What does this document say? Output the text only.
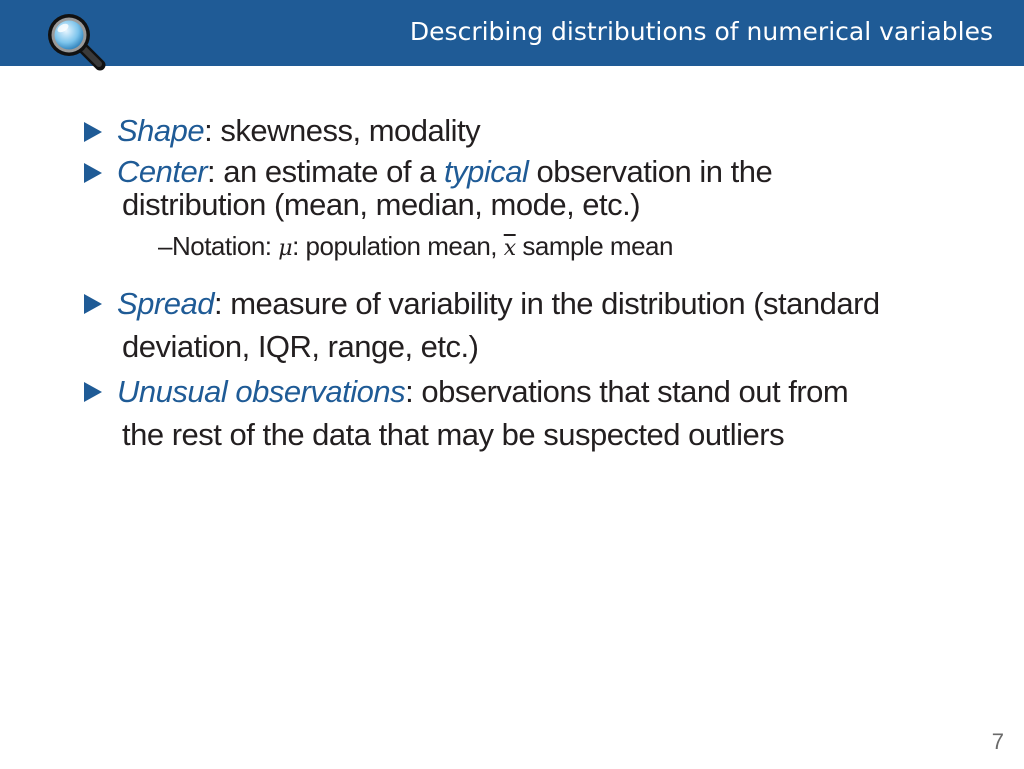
Describing distributions of numerical variables
Shape: skewness, modality
Center: an estimate of a typical observation in the
distribution (mean, median, mode, etc.)
–Notation: μ: population mean, $\overline{x}$ sample mean
Spread: measure of variability in the distribution (standard
deviation, IQR, range, etc.)
Unusual observations: observations that stand out from
the rest of the data that may be suspected outliers
7
